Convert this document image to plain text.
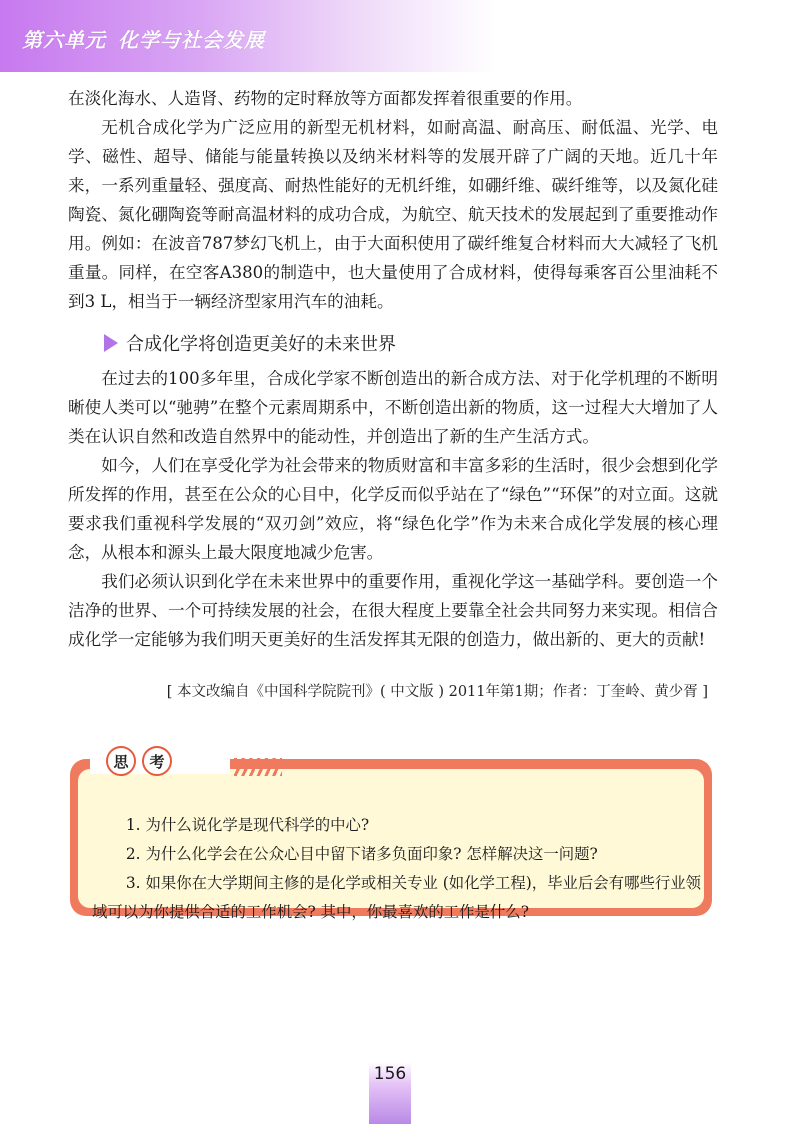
第六单元 化学与社会发展

在淡化海水、人造肾、药物的定时释放等方面都发挥着很重要的作用。

无机合成化学为广泛应用的新型无机材料，如耐高温、耐高压、耐低温、光学、电学、磁性、超导、储能与能量转换以及纳米材料等的发展开辟了广阔的天地。近几十年来，一系列重量轻、强度高、耐热性能好的无机纤维，如硼纤维、碳纤维等，以及氮化硅陶瓷、氮化硼陶瓷等耐高温材料的成功合成，为航空、航天技术的发展起到了重要推动作用。例如：在波音787梦幻飞机上，由于大面积使用了碳纤维复合材料而大大减轻了飞机重量。同样，在空客A380的制造中，也大量使用了合成材料，使得每乘客百公里油耗不到3 L，相当于一辆经济型家用汽车的油耗。

合成化学将创造更美好的未来世界

在过去的100多年里，合成化学家不断创造出的新合成方法、对于化学机理的不断明晰使人类可以“驰骋”在整个元素周期系中，不断创造出新的物质，这一过程大大增加了人类在认识自然和改造自然界中的能动性，并创造出了新的生产生活方式。

如今，人们在享受化学为社会带来的物质财富和丰富多彩的生活时，很少会想到化学所发挥的作用，甚至在公众的心目中，化学反而似乎站在了“绿色”“环保”的对立面。这就要求我们重视科学发展的“双刃剑”效应，将“绿色化学”作为未来合成化学发展的核心理念，从根本和源头上最大限度地减少危害。

我们必须认识到化学在未来世界中的重要作用，重视化学这一基础学科。要创造一个洁净的世界、一个可持续发展的社会，在很大程度上要靠全社会共同努力来实现。相信合成化学一定能够为我们明天更美好的生活发挥其无限的创造力，做出新的、更大的贡献!

[ 本文改编自《中国科学院院刊》( 中文版 ) 2011年第1期；作者：丁奎岭、黄少胥 ]

1. 为什么说化学是现代科学的中心?

2. 为什么化学会在公众心目中留下诸多负面印象? 怎样解决这一问题?

3. 如果你在大学期间主修的是化学或相关专业 (如化学工程)，毕业后会有哪些行业领域可以为你提供合适的工作机会? 其中，你最喜欢的工作是什么?

思	考
156
